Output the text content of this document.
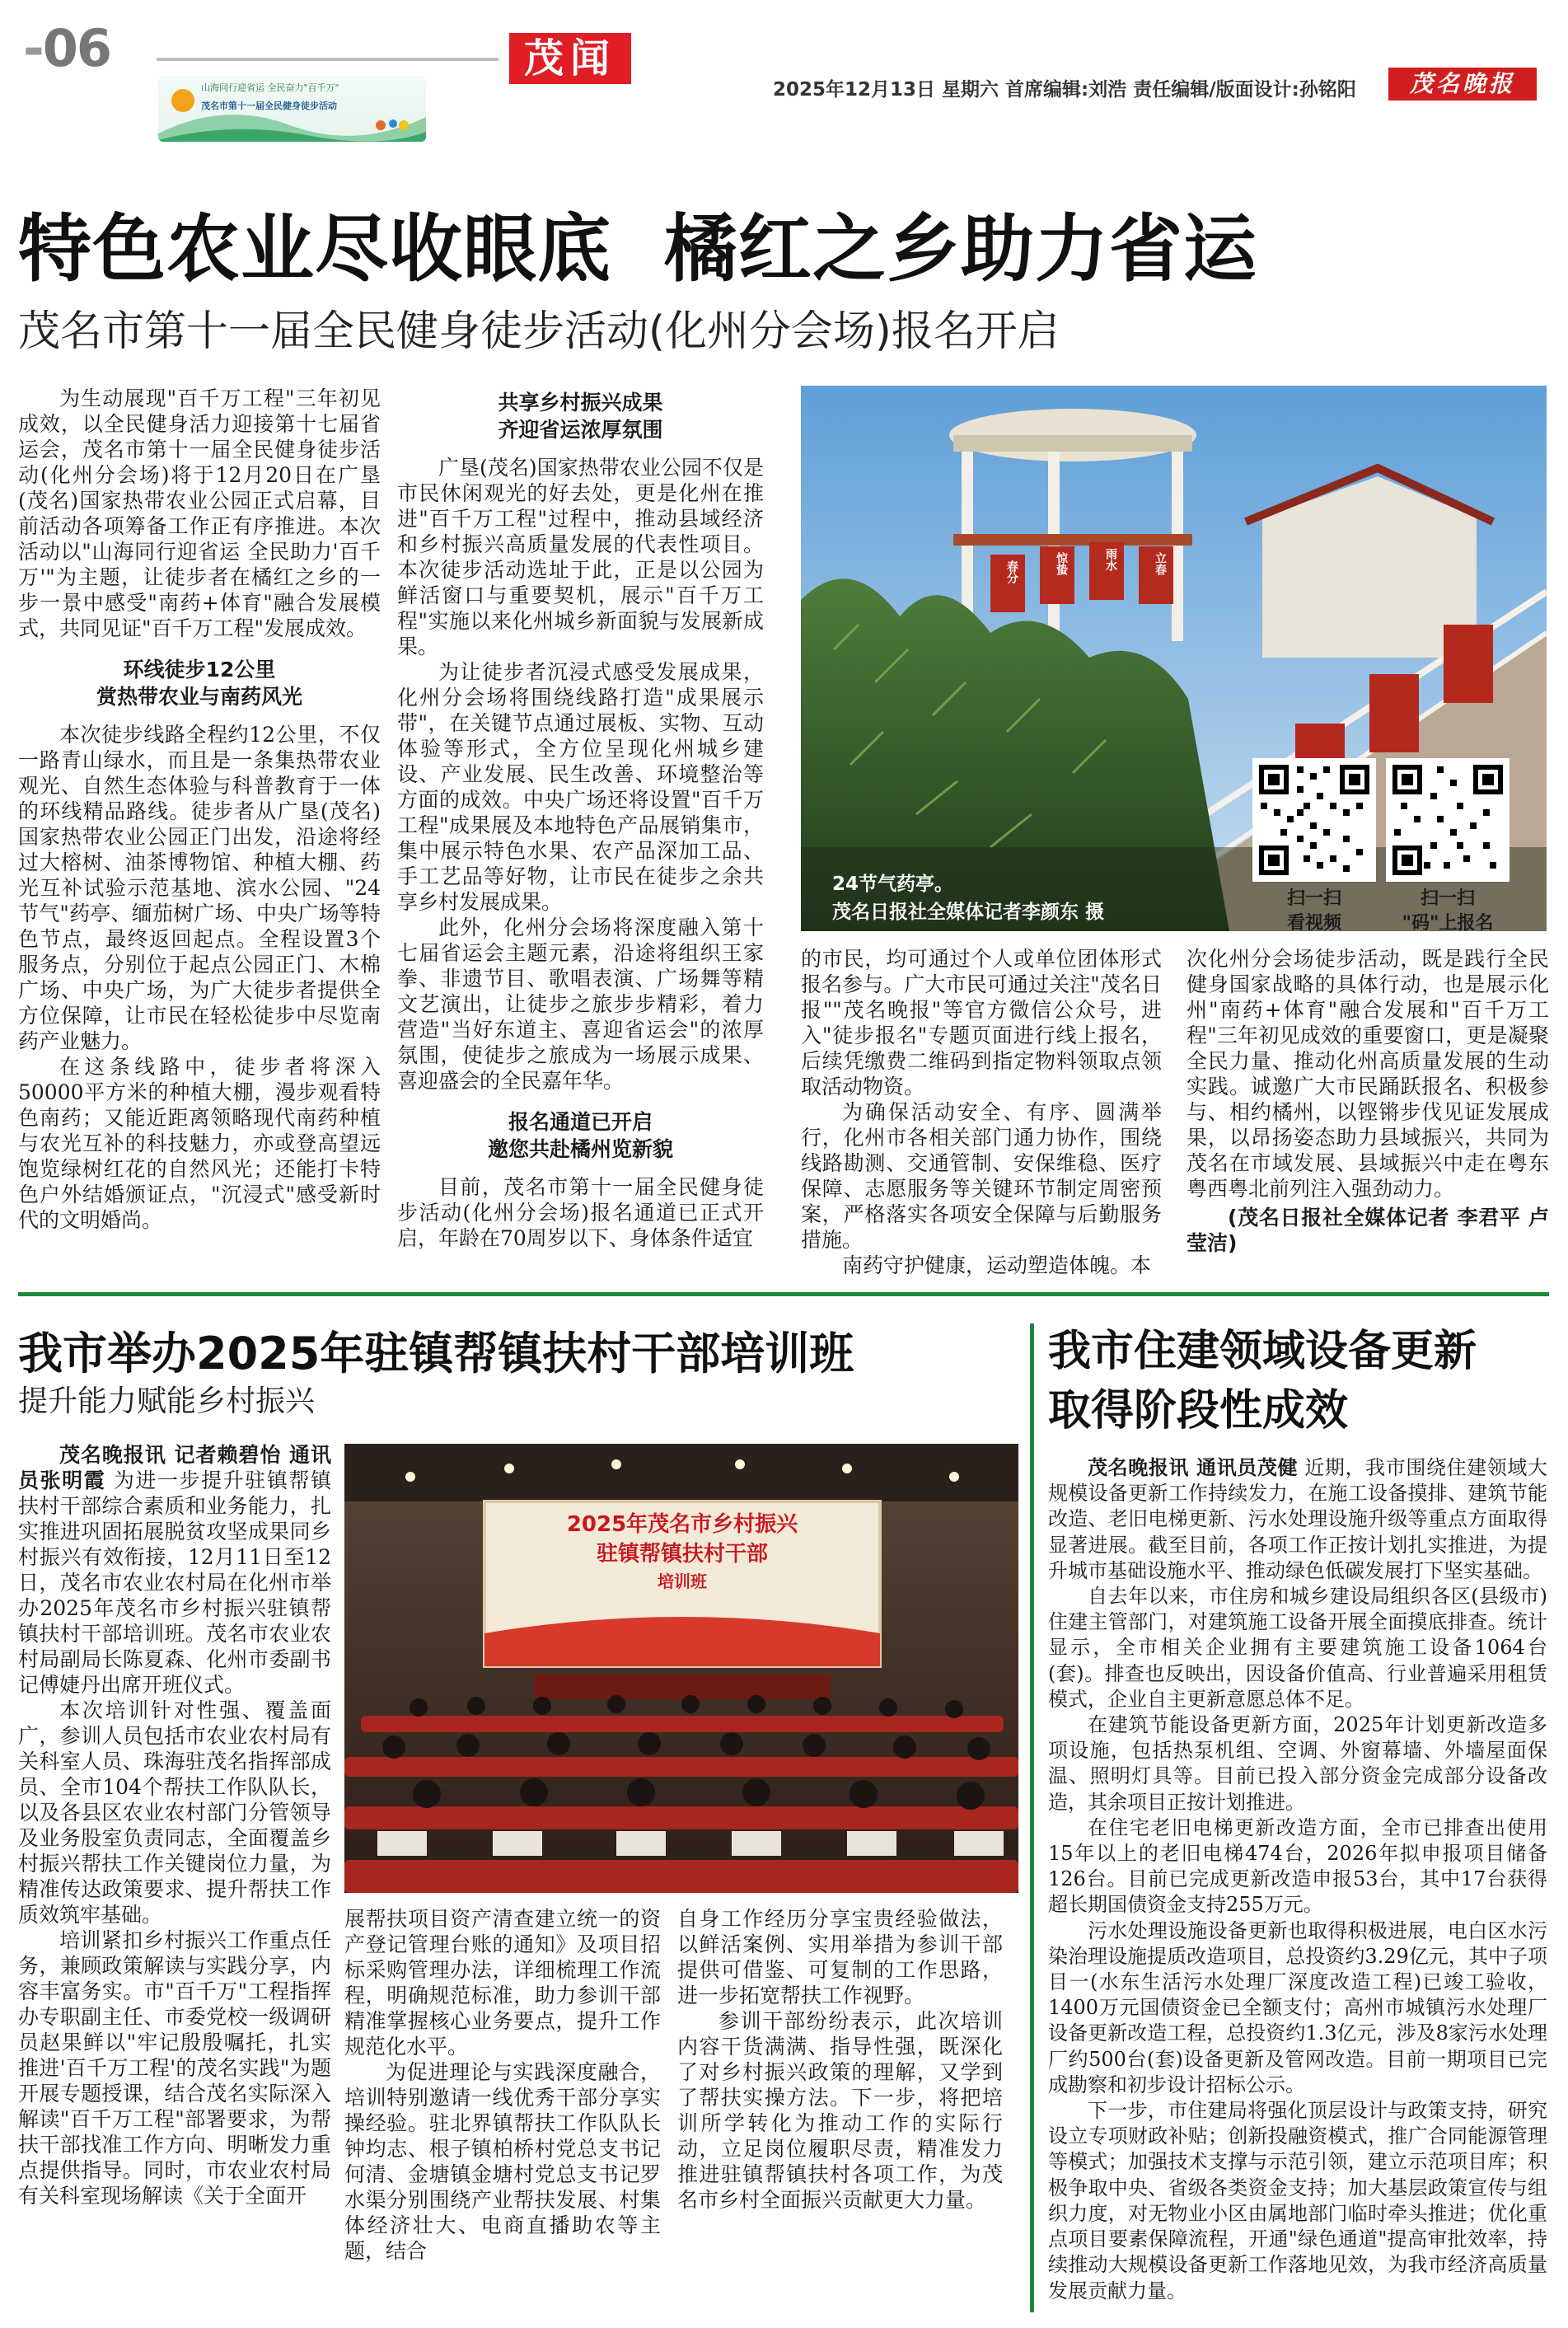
-06	茂闻
2025年12月13日 星期六 首席编辑:刘浩 责任编辑/版面设计:孙铭阳	茂名晚报
山海同行迎省运 全民奋力"百千万"
茂名市第十一届全民健身徒步活动
特色农业尽收眼底  橘红之乡助力省运
茂名市第十一届全民健身徒步活动(化州分会场)报名开启

为生动展现"百千万工程"三年初见成效，以全民健身活力迎接第十七届省运会，茂名市第十一届全民健身徒步活动(化州分会场)将于12月20日在广垦(茂名)国家热带农业公园正式启幕，目前活动各项筹备工作正有序推进。本次活动以"山海同行迎省运 全民助力'百千万'"为主题，让徒步者在橘红之乡的一步一景中感受"南药+体育"融合发展模式，共同见证"百千万工程"发展成效。

环线徒步12公里
赏热带农业与南药风光

本次徒步线路全程约12公里，不仅一路青山绿水，而且是一条集热带农业观光、自然生态体验与科普教育于一体的环线精品路线。徒步者从广垦(茂名)国家热带农业公园正门出发，沿途将经过大榕树、油茶博物馆、种植大棚、药光互补试验示范基地、滨水公园、"24节气"药亭、缅茄树广场、中央广场等特色节点，最终返回起点。全程设置3个服务点，分别位于起点公园正门、木棉广场、中央广场，为广大徒步者提供全方位保障，让市民在轻松徒步中尽览南药产业魅力。

在这条线路中，徒步者将深入50000平方米的种植大棚，漫步观看特色南药；又能近距离领略现代南药种植与农光互补的科技魅力，亦或登高望远饱览绿树红花的自然风光；还能打卡特色户外结婚颁证点，"沉浸式"感受新时代的文明婚尚。

共享乡村振兴成果
齐迎省运浓厚氛围

广垦(茂名)国家热带农业公园不仅是市民休闲观光的好去处，更是化州在推进"百千万工程"过程中，推动县域经济和乡村振兴高质量发展的代表性项目。本次徒步活动选址于此，正是以公园为鲜活窗口与重要契机，展示"百千万工程"实施以来化州城乡新面貌与发展新成果。

为让徒步者沉浸式感受发展成果，化州分会场将围绕线路打造"成果展示带"，在关键节点通过展板、实物、互动体验等形式，全方位呈现化州城乡建设、产业发展、民生改善、环境整治等方面的成效。中央广场还将设置"百千万工程"成果展及本地特色产品展销集市，集中展示特色水果、农产品深加工品、手工艺品等好物，让市民在徒步之余共享乡村发展成果。

此外，化州分会场将深度融入第十七届省运会主题元素，沿途将组织王家拳、非遗节目、歌唱表演、广场舞等精文艺演出，让徒步之旅步步精彩，着力营造"当好东道主、喜迎省运会"的浓厚氛围，使徒步之旅成为一场展示成果、喜迎盛会的全民嘉年华。

报名通道已开启
邀您共赴橘州览新貌

目前，茂名市第十一届全民健身徒步活动(化州分会场)报名通道已正式开启，年龄在70周岁以下、身体条件适宜

春分	惊蛰	雨水	立春
24节气药亭。
茂名日报社全媒体记者李颜东 摄
扫一扫
看视频
扫一扫
"码"上报名

的市民，均可通过个人或单位团体形式报名参与。广大市民可通过关注"茂名日报""茂名晚报"等官方微信公众号，进入"徒步报名"专题页面进行线上报名，后续凭缴费二维码到指定物料领取点领取活动物资。

为确保活动安全、有序、圆满举行，化州市各相关部门通力协作，围绕线路勘测、交通管制、安保维稳、医疗保障、志愿服务等关键环节制定周密预案，严格落实各项安全保障与后勤服务措施。

南药守护健康，运动塑造体魄。本

次化州分会场徒步活动，既是践行全民健身国家战略的具体行动，也是展示化州"南药+体育"融合发展和"百千万工程"三年初见成效的重要窗口，更是凝聚全民力量、推动化州高质量发展的生动实践。诚邀广大市民踊跃报名、积极参与、相约橘州，以铿锵步伐见证发展成果，以昂扬姿态助力县域振兴，共同为茂名在市域发展、县域振兴中走在粤东粤西粤北前列注入强劲动力。

(茂名日报社全媒体记者 李君平 卢莹洁)

我市举办2025年驻镇帮镇扶村干部培训班
提升能力赋能乡村振兴

茂名晚报讯 记者赖碧怡 通讯员张明霞 为进一步提升驻镇帮镇扶村干部综合素质和业务能力，扎实推进巩固拓展脱贫攻坚成果同乡村振兴有效衔接，12月11日至12日，茂名市农业农村局在化州市举办2025年茂名市乡村振兴驻镇帮镇扶村干部培训班。茂名市农业农村局副局长陈夏森、化州市委副书记傅婕丹出席开班仪式。

本次培训针对性强、覆盖面广，参训人员包括市农业农村局有关科室人员、珠海驻茂名指挥部成员、全市104个帮扶工作队队长，以及各县区农业农村部门分管领导及业务股室负责同志，全面覆盖乡村振兴帮扶工作关键岗位力量，为精准传达政策要求、提升帮扶工作质效筑牢基础。

培训紧扣乡村振兴工作重点任务，兼顾政策解读与实践分享，内容丰富务实。市"百千万"工程指挥办专职副主任、市委党校一级调研员赵果鲜以"牢记殷殷嘱托，扎实推进'百千万工程'的茂名实践"为题开展专题授课，结合茂名实际深入解读"百千万工程"部署要求，为帮扶干部找准工作方向、明晰发力重点提供指导。同时，市农业农村局有关科室现场解读《关于全面开

2025年茂名市乡村振兴
驻镇帮镇扶村干部
培训班

展帮扶项目资产清查建立统一的资产登记管理台账的通知》及项目招标采购管理办法，详细梳理工作流程，明确规范标准，助力参训干部精准掌握核心业务要点，提升工作规范化水平。

为促进理论与实践深度融合，培训特别邀请一线优秀干部分享实操经验。驻北界镇帮扶工作队队长钟均志、根子镇柏桥村党总支书记何清、金塘镇金塘村党总支书记罗水渠分别围绕产业帮扶发展、村集体经济壮大、电商直播助农等主题，结合

自身工作经历分享宝贵经验做法，以鲜活案例、实用举措为参训干部提供可借鉴、可复制的工作思路，进一步拓宽帮扶工作视野。

参训干部纷纷表示，此次培训内容干货满满、指导性强，既深化了对乡村振兴政策的理解，又学到了帮扶实操方法。下一步，将把培训所学转化为推动工作的实际行动，立足岗位履职尽责，精准发力推进驻镇帮镇扶村各项工作，为茂名市乡村全面振兴贡献更大力量。

我市住建领域设备更新
取得阶段性成效

茂名晚报讯 通讯员茂健 近期，我市围绕住建领域大规模设备更新工作持续发力，在施工设备摸排、建筑节能改造、老旧电梯更新、污水处理设施升级等重点方面取得显著进展。截至目前，各项工作正按计划扎实推进，为提升城市基础设施水平、推动绿色低碳发展打下坚实基础。

自去年以来，市住房和城乡建设局组织各区(县级市)住建主管部门，对建筑施工设备开展全面摸底排查。统计显示，全市相关企业拥有主要建筑施工设备1064台(套)。排查也反映出，因设备价值高、行业普遍采用租赁模式，企业自主更新意愿总体不足。

在建筑节能设备更新方面，2025年计划更新改造多项设施，包括热泵机组、空调、外窗幕墙、外墙屋面保温、照明灯具等。目前已投入部分资金完成部分设备改造，其余项目正按计划推进。

在住宅老旧电梯更新改造方面，全市已排查出使用15年以上的老旧电梯474台，2026年拟申报项目储备126台。目前已完成更新改造申报53台，其中17台获得超长期国债资金支持255万元。

污水处理设施设备更新也取得积极进展，电白区水污染治理设施提质改造项目，总投资约3.29亿元，其中子项目一(水东生活污水处理厂深度改造工程)已竣工验收，1400万元国债资金已全额支付；高州市城镇污水处理厂设备更新改造工程，总投资约1.3亿元，涉及8家污水处理厂约500台(套)设备更新及管网改造。目前一期项目已完成勘察和初步设计招标公示。

下一步，市住建局将强化顶层设计与政策支持，研究设立专项财政补贴；创新投融资模式，推广合同能源管理等模式；加强技术支撑与示范引领，建立示范项目库；积极争取中央、省级各类资金支持；加大基层政策宣传与组织力度，对无物业小区由属地部门临时牵头推进；优化重点项目要素保障流程，开通"绿色通道"提高审批效率，持续推动大规模设备更新工作落地见效，为我市经济高质量发展贡献力量。
